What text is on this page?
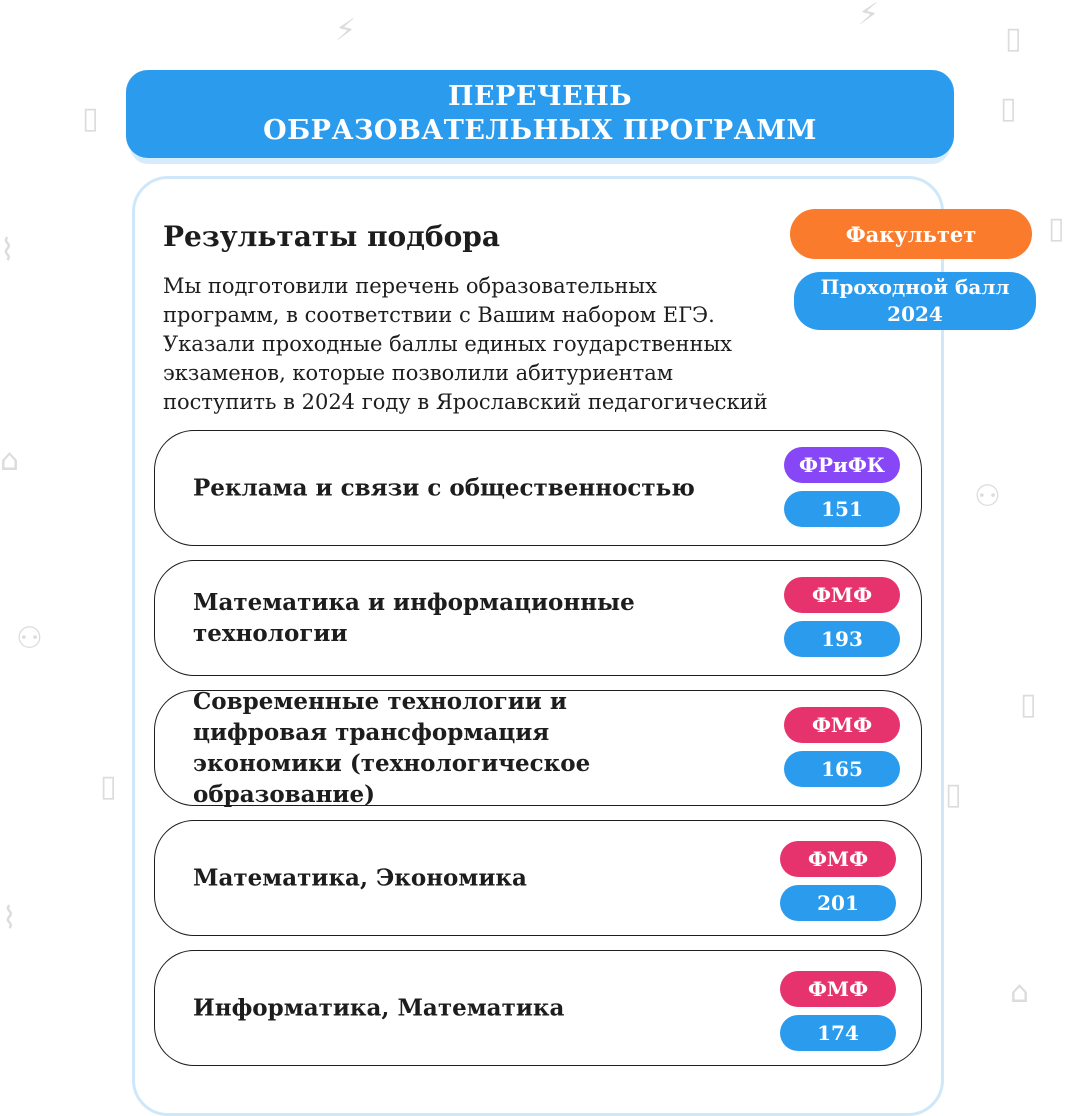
⚡	⚡
▯
▯	▯
▯
⌇
⌂
⚇
⚇
▯
▯	▯
⌇
⌂
ПЕРЕЧЕНЬ
ОБРАЗОВАТЕЛЬНЫХ ПРОГРАММ
Результаты подбора
Мы подготовили перечень образовательных
программ, в соответствии с Вашим набором ЕГЭ.
Указали проходные баллы единых гоударственных
экзаменов, которые позволили абитуриентам
поступить в 2024 году в Ярославский педагогический
Факультет
Проходной балл
2024
Реклама и связи с общественностью
ФРиФК
151
Математика и информационные технологии
ФМФ
193
Современные технологии и цифровая трансформация экономики (технологическое образование)
ФМФ
165
Математика, Экономика
ФМФ
201
Информатика, Математика
ФМФ
174
